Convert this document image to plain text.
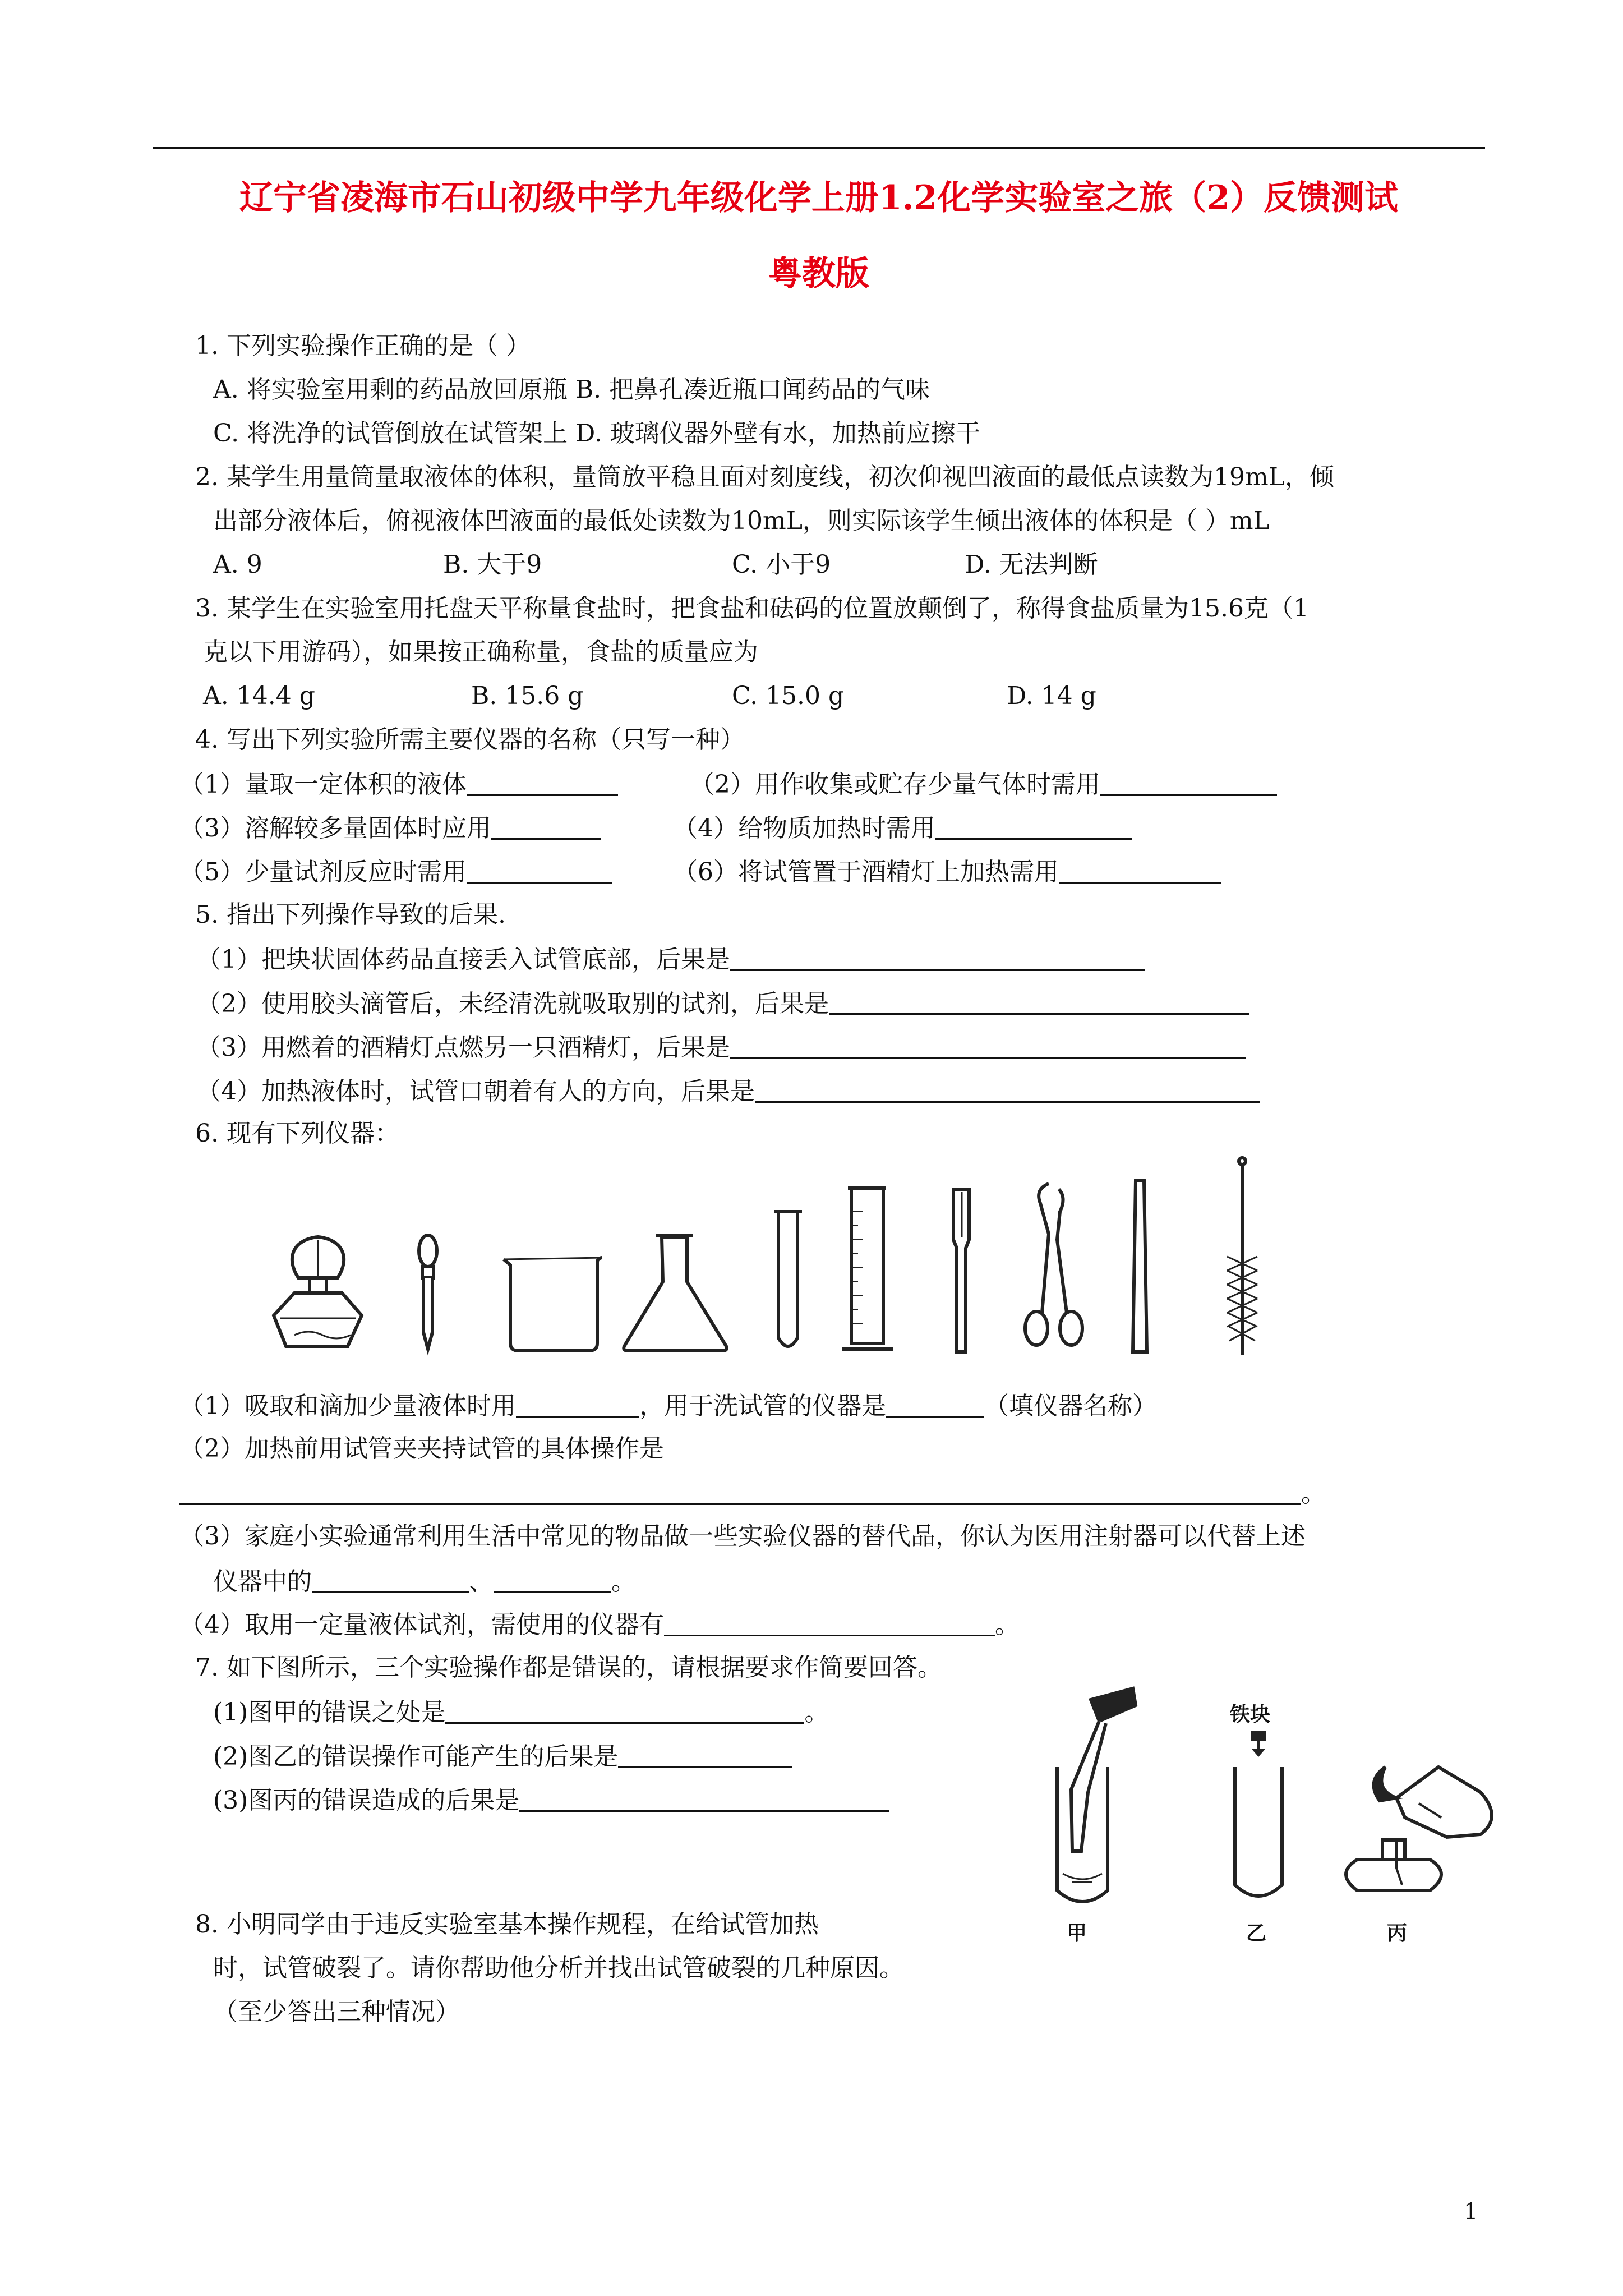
辽宁省凌海市石山初级中学九年级化学上册1.2化学实验室之旅（2）反馈测试
粤教版
1. 下列实验操作正确的是（ ）
A. 将实验室用剩的药品放回原瓶 B. 把鼻孔凑近瓶口闻药品的气味
C. 将洗净的试管倒放在试管架上 D. 玻璃仪器外壁有水，加热前应擦干
2. 某学生用量筒量取液体的体积，量筒放平稳且面对刻度线，初次仰视凹液面的最低点读数为19mL，倾
出部分液体后，俯视液体凹液面的最低处读数为10mL，则实际该学生倾出液体的体积是（ ）mL
A. 9	B. 大于9	C. 小于9	D. 无法判断
3. 某学生在实验室用托盘天平称量食盐时，把食盐和砝码的位置放颠倒了，称得食盐质量为15.6克（1
克以下用游码），如果按正确称量，食盐的质量应为
A. 14.4 g	B. 15.6 g	C. 15.0 g	D. 14 g
4. 写出下列实验所需主要仪器的名称（只写一种）
（1）量取一定体积的液体	（2）用作收集或贮存少量气体时需用
（3）溶解较多量固体时应用	（4）给物质加热时需用
（5）少量试剂反应时需用	（6）将试管置于酒精灯上加热需用
5. 指出下列操作导致的后果.
（1）把块状固体药品直接丢入试管底部，后果是
（2）使用胶头滴管后，未经清洗就吸取别的试剂，后果是
（3）用燃着的酒精灯点燃另一只酒精灯，后果是
（4）加热液体时，试管口朝着有人的方向，后果是
6. 现有下列仪器：
（1）吸取和滴加少量液体时用	，用于洗试管的仪器是	（填仪器名称）
（2）加热前用试管夹夹持试管的具体操作是
。
（3）家庭小实验通常利用生活中常见的物品做一些实验仪器的替代品，你认为医用注射器可以代替上述
仪器中的	、	。
（4）取用一定量液体试剂，需使用的仪器有	。
7. 如下图所示，三个实验操作都是错误的，请根据要求作简要回答。
(1)图甲的错误之处是	。
(2)图乙的错误操作可能产生的后果是
(3)图丙的错误造成的后果是
铁块
甲	乙	丙
8. 小明同学由于违反实验室基本操作规程，在给试管加热
时，试管破裂了。请你帮助他分析并找出试管破裂的几种原因。
（至少答出三种情况）
1
